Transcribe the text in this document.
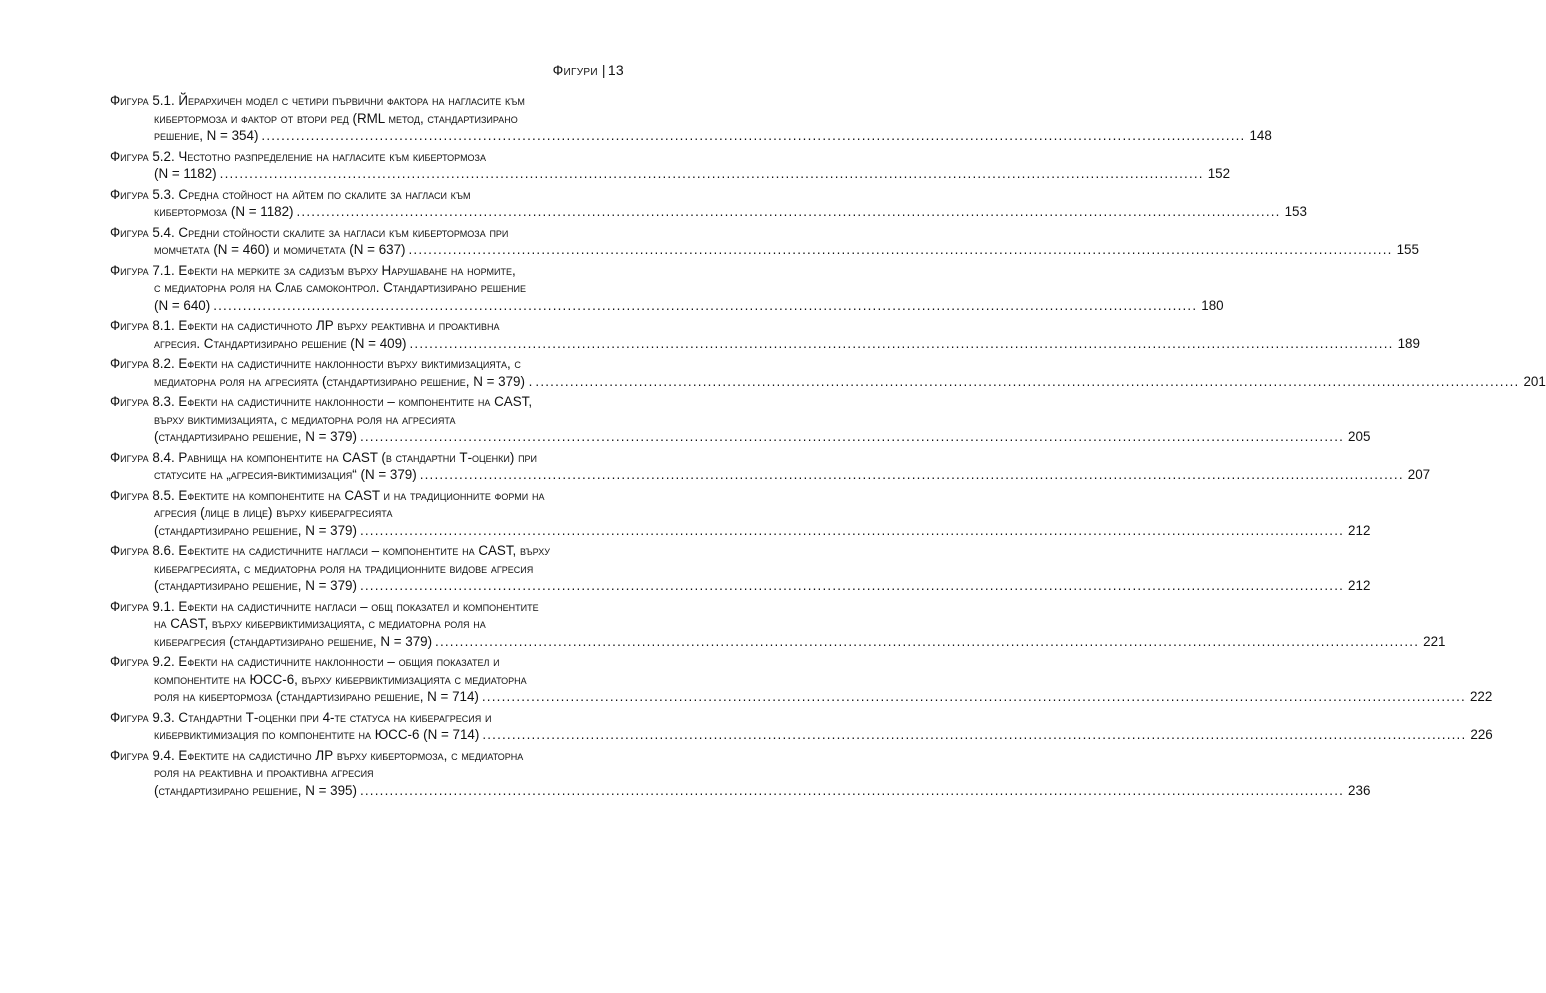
Фигури | 13
Фигура 5.1. Йерархичен модел с четири първични фактора на нагласите към
кибертормоза и фактор от втори ред (RML метод, стандартизирано
решение, N = 354) .....	148
Фигура 5.2. Честотно разпределение на нагласите към кибертормоза
(N = 1182) .....	152
Фигура 5.3. Средна стойност на айтем по скалите за нагласи към
кибертормоза (N = 1182) .....	153
Фигура 5.4. Средни стойности скалите за нагласи към кибертормоза при
момчетата (N = 460) и момичетата (N = 637) .....	155
Фигура 7.1. Ефекти на мерките за садизъм върху Нарушаване на нормите,
с медиаторна роля на Слаб самоконтрол. Стандартизирано решение
(N = 640) .....	180
Фигура 8.1. Ефекти на садистичното ЛР върху реактивна и проактивна
агресия. Стандартизирано решение (N = 409) .....	189
Фигура 8.2. Ефекти на садистичните наклонности върху виктимизацията, с
медиаторна роля на агресията (стандартизирано решение, N = 379) . .....	201
Фигура 8.3. Ефекти на садистичните наклонности – компонентите на CAST,
върху виктимизацията, с медиаторна роля на агресията
(стандартизирано решение, N = 379) .....	205
Фигура 8.4. Равнища на компонентите на CAST (в стандартни Т-оценки) при
статусите на „агресия-виктимизация“ (N = 379) .....	207
Фигура 8.5. Ефектите на компонентите на CAST и на традиционните форми на
агресия (лице в лице) върху кибeрагресията
(стандартизирано решение, N = 379) .....	212
Фигура 8.6. Ефектите на садистичните нагласи – компонентите на CAST, върху
кибeрагресията, с медиаторна роля на традиционните видове агресия
(стандартизирано решение, N = 379) .....	212
Фигура 9.1. Ефекти на садистичните нагласи – общ показател и компонентите
на CAST, върху кибервиктимизацията, с медиаторна роля на
кибeрагресия (стандартизирано решение, N = 379) .....	221
Фигура 9.2. Ефекти на садистичните наклонности – общия показател и
компонентите на ЮСС-6, върху кибервиктимизацията с медиаторна
роля на кибертормоза (стандартизирано решение, N = 714) .....	222
Фигура 9.3. Стандартни Т-оценки при 4-те статуса на кибeрагресия и
кибервиктимизация по компонентите на ЮСС-6 (N = 714) .....	226
Фигура 9.4. Ефектите на садистично ЛР върху кибертормоза, с медиаторна
роля на реактивна и проактивна агресия
(стандартизирано решение, N = 395) .....	236
